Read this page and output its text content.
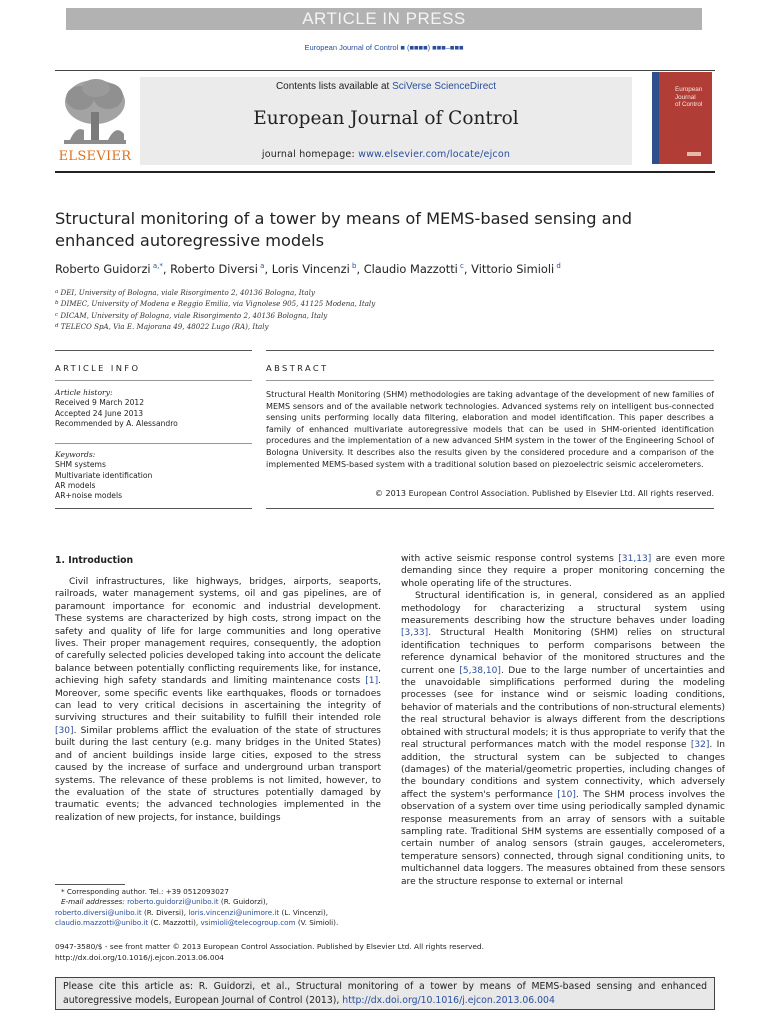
ARTICLE IN PRESS
European Journal of Control ■ (■■■■) ■■■–■■■
ELSEVIER
Contents lists available at SciVerse ScienceDirect
European Journal of Control
journal homepage: www.elsevier.com/locate/ejcon
European
Journal
of Control
Structural monitoring of a tower by means of MEMS-based sensing and enhanced autoregressive models
Roberto Guidorzi $^{a,*}$, Roberto Diversi $^a$, Loris Vincenzi $^b$, Claudio Mazzotti $^c$, Vittorio Simioli $^d$
$^a$ DEI, University of Bologna, viale Risorgimento 2, 40136 Bologna, Italy
$^b$ DIMEC, University of Modena e Reggio Emilia, via Vignolese 905, 41125 Modena, Italy
$^c$ DICAM, University of Bologna, viale Risorgimento 2, 40136 Bologna, Italy
$^d$ TELECO SpA, Via E. Majorana 49, 48022 Lugo (RA), Italy
ARTICLE INFO	ABSTRACT
Article history:
Received 9 March 2012
Accepted 24 June 2013
Recommended by A. Alessandro
Keywords:
SHM systems
Multivariate identification
AR models
AR+noise models
Structural Health Monitoring (SHM) methodologies are taking advantage of the development of new families of MEMS sensors and of the available network technologies. Advanced systems rely on intelligent bus-connected sensing units performing locally data filtering, elaboration and model identification. This paper describes a family of enhanced multivariate autoregressive models that can be used in SHM-oriented identification procedures and the implementation of a new advanced SHM system in the tower of the Engineering School of Bologna University. It describes also the results given by the considered procedure and a comparison of the implemented MEMS-based system with a traditional solution based on piezoelectric seismic accelerometers.
© 2013 European Control Association. Published by Elsevier Ltd. All rights reserved.
1. Introduction

Civil infrastructures, like highways, bridges, airports, seaports, railroads, water management systems, oil and gas pipelines, are of paramount importance for economic and industrial development. These systems are characterized by high costs, strong impact on the safety and quality of life for large communities and long operative lives. Their proper management requires, consequently, the adoption of carefully selected policies developed taking into account the delicate balance between potentially conflicting requirements like, for instance, achieving high safety standards and limiting maintenance costs [1]. Moreover, some specific events like earthquakes, floods or tornadoes can lead to very critical decisions in ascertaining the integrity of surviving structures and their suitability to fulfill their intended role [30]. Similar problems afflict the evaluation of the state of structures built during the last century (e.g. many bridges in the United States) and of ancient buildings inside large cities, exposed to the stress caused by the increase of surface and underground urban transport systems. The relevance of these problems is not limited, however, to the evaluation of the state of structures potentially damaged by traumatic events; the advanced technologies implemented in the realization of new projects, for instance, buildings

with active seismic response control systems [31,13] are even more demanding since they require a proper monitoring concerning the whole operating life of the structures.

Structural identification is, in general, considered as an applied methodology for characterizing a structural system using measurements describing how the structure behaves under loading [3,33]. Structural Health Monitoring (SHM) relies on structural identification techniques to perform comparisons between the reference dynamical behavior of the monitored structures and the current one [5,38,10]. Due to the large number of uncertainties and the unavoidable simplifications performed during the modeling processes (see for instance wind or seismic loading conditions, behavior of materials and the contributions of non-structural elements) the real structural behavior is always different from the descriptions obtained with structural models; it is thus appropriate to verify that the real structural performances match with the model response [32]. In addition, the structural system can be subjected to changes (damages) of the material/geometric properties, including changes of the boundary conditions and system connectivity, which adversely affect the system's performance [10]. The SHM process involves the observation of a system over time using periodically sampled dynamic response measurements from an array of sensors with a suitable sampling rate. Traditional SHM systems are essentially composed of a certain number of analog sensors (strain gauges, accelerometers, temperature sensors) connected, through signal conditioning units, to multichannel data loggers. The measures obtained from these sensors are the structure response to external or internal

* Corresponding author. Tel.: +39 0512093027
E-mail addresses: roberto.guidorzi@unibo.it (R. Guidorzi),
roberto.diversi@unibo.it (R. Diversi), loris.vincenzi@unimore.it (L. Vincenzi),
claudio.mazzotti@unibo.it (C. Mazzotti), vsimioli@telecogroup.com (V. Simioli).
0947-3580/$ - see front matter © 2013 European Control Association. Published by Elsevier Ltd. All rights reserved.
http://dx.doi.org/10.1016/j.ejcon.2013.06.004
Please cite this article as: R. Guidorzi, et al., Structural monitoring of a tower by means of MEMS-based sensing and enhanced autoregressive models, European Journal of Control (2013), http://dx.doi.org/10.1016/j.ejcon.2013.06.004
